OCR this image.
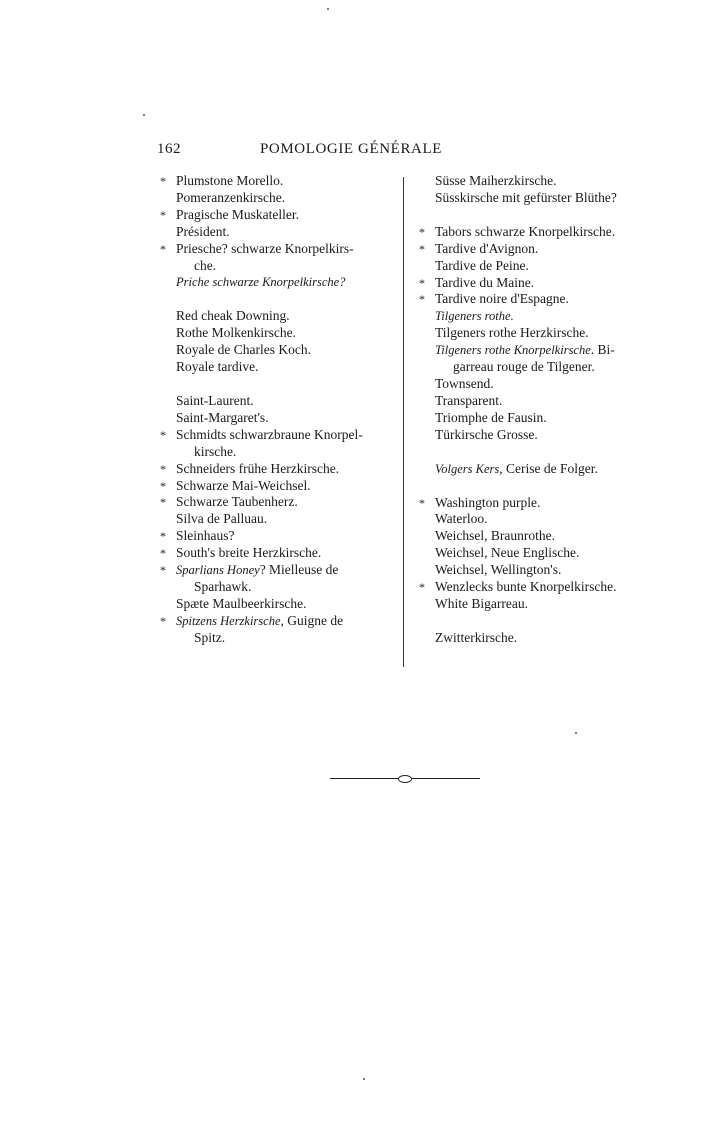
162	POMOLOGIE GÉNÉRALE
* Plumstone Morello.
Pomeranzenkirsche.
* Pragische Muskateller.
Président.
* Priesche? schwarze Knorpelkirs-
che.
Priche schwarze Knorpelkirsche?
Red cheak Downing.
Rothe Molkenkirsche.
Royale de Charles Koch.
Royale tardive.
Saint-Laurent.
Saint-Margaret's.
* Schmidts schwarzbraune Knorpel-
kirsche.
* Schneiders frühe Herzkirsche.
* Schwarze Mai-Weichsel.
* Schwarze Taubenherz.
Silva de Palluau.
* Sleinhaus?
* South's breite Herzkirsche.
* Sparlians Honey? Mielleuse de
Sparhawk.
Spæte Maulbeerkirsche.
* Spitzens Herzkirsche, Guigne de
Spitz.
Süsse Maiherzkirsche.
Süsskirsche mit gefürster Blüthe?
* Tabors schwarze Knorpelkirsche.
* Tardive d'Avignon.
Tardive de Peine.
* Tardive du Maine.
* Tardive noire d'Espagne.
Tilgeners rothe.
Tilgeners rothe Herzkirsche.
Tilgeners rothe Knorpelkirsche. Bi-
garreau rouge de Tilgener.
Townsend.
Transparent.
Triomphe de Fausin.
Türkirsche Grosse.
Volgers Kers, Cerise de Folger.
* Washington purple.
Waterloo.
Weichsel, Braunrothe.
Weichsel, Neue Englische.
Weichsel, Wellington's.
* Wenzlecks bunte Knorpelkirsche.
White Bigarreau.
Zwitterkirsche.
